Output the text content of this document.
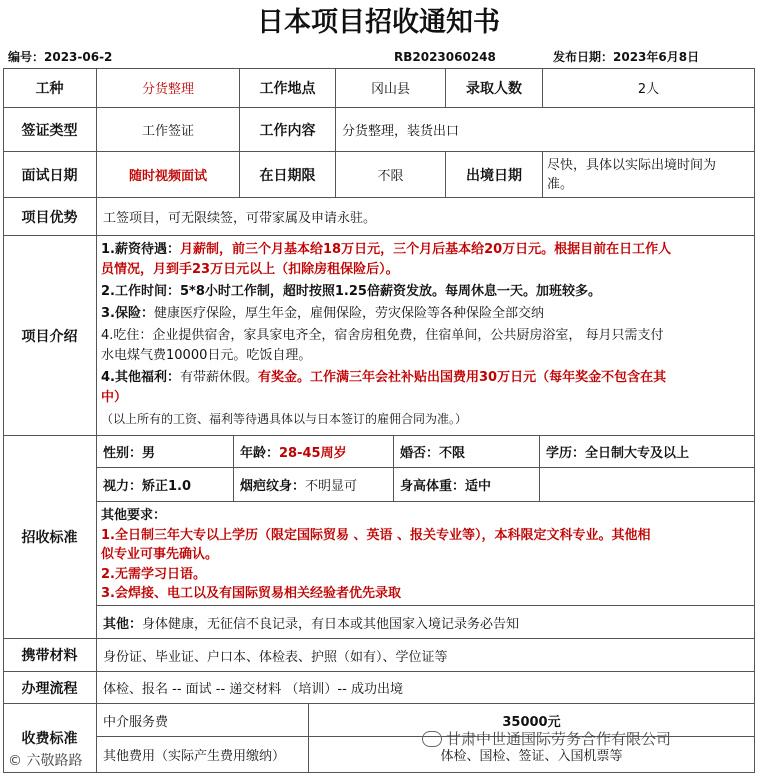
日本项目招收通知书
编号：2023-06-2	RB2023060248	发布日期：2023年6月8日
工种	分货整理	工作地点	冈山县	录取人数	2人
签证类型	工作签证	工作内容	分货整理，装货出口
面试日期	随时视频面试	在日期限	不限	出境日期
尽快，具体以实际出境时间为
准。
项目优势	工签项目，可无限续签，可带家属及申请永驻。
项目介绍
1.薪资待遇：月薪制，前三个月基本给18万日元，三个月后基本给20万日元。根据目前在日工作人
员情况，月到手23万日元以上（扣除房租保险后）。
2.工作时间：5*8小时工作制，超时按照1.25倍薪资发放。每周休息一天。加班较多。
3.保险：健康医疗保险，厚生年金，雇佣保险，劳灾保险等各种保险全部交纳
4.吃住：企业提供宿舍，家具家电齐全，宿舍房租免费，住宿单间，公共厨房浴室， 每月只需支付
水电煤气费10000日元。吃饭自理。
4.其他福利：有带薪休假。有奖金。工作满三年会社补贴出国费用30万日元（每年奖金不包含在其
中）
（以上所有的工资、福利等待遇具体以与日本签订的雇佣合同为准。）
招收标准
性别：男	年龄： 28-45周岁	婚否：不限	学历：全日制大专及以上
视力：矫正1.0	烟疤纹身： 不明显可	身高体重：适中
其他要求：
1.全日制三年大专以上学历（限定国际贸易 、英语 、报关专业等），本科限定文科专业。其他相
似专业可事先确认。
2.无需学习日语。
3.会焊接、电工以及有国际贸易相关经验者优先录取
其他： 身体健康，无征信不良记录，有日本或其他国家入境记录务必告知
携带材料	身份证、毕业证、户口本、体检表、护照（如有）、学位证等
办理流程	体检、报名 -- 面试 -- 递交材料 （培训）-- 成功出境
收费标准
中介服务费	35000元
其他费用（实际产生费用缴纳）	体检、国检、签证、入国机票等
© 六敬路路
甘肃中世通国际劳务合作有限公司
